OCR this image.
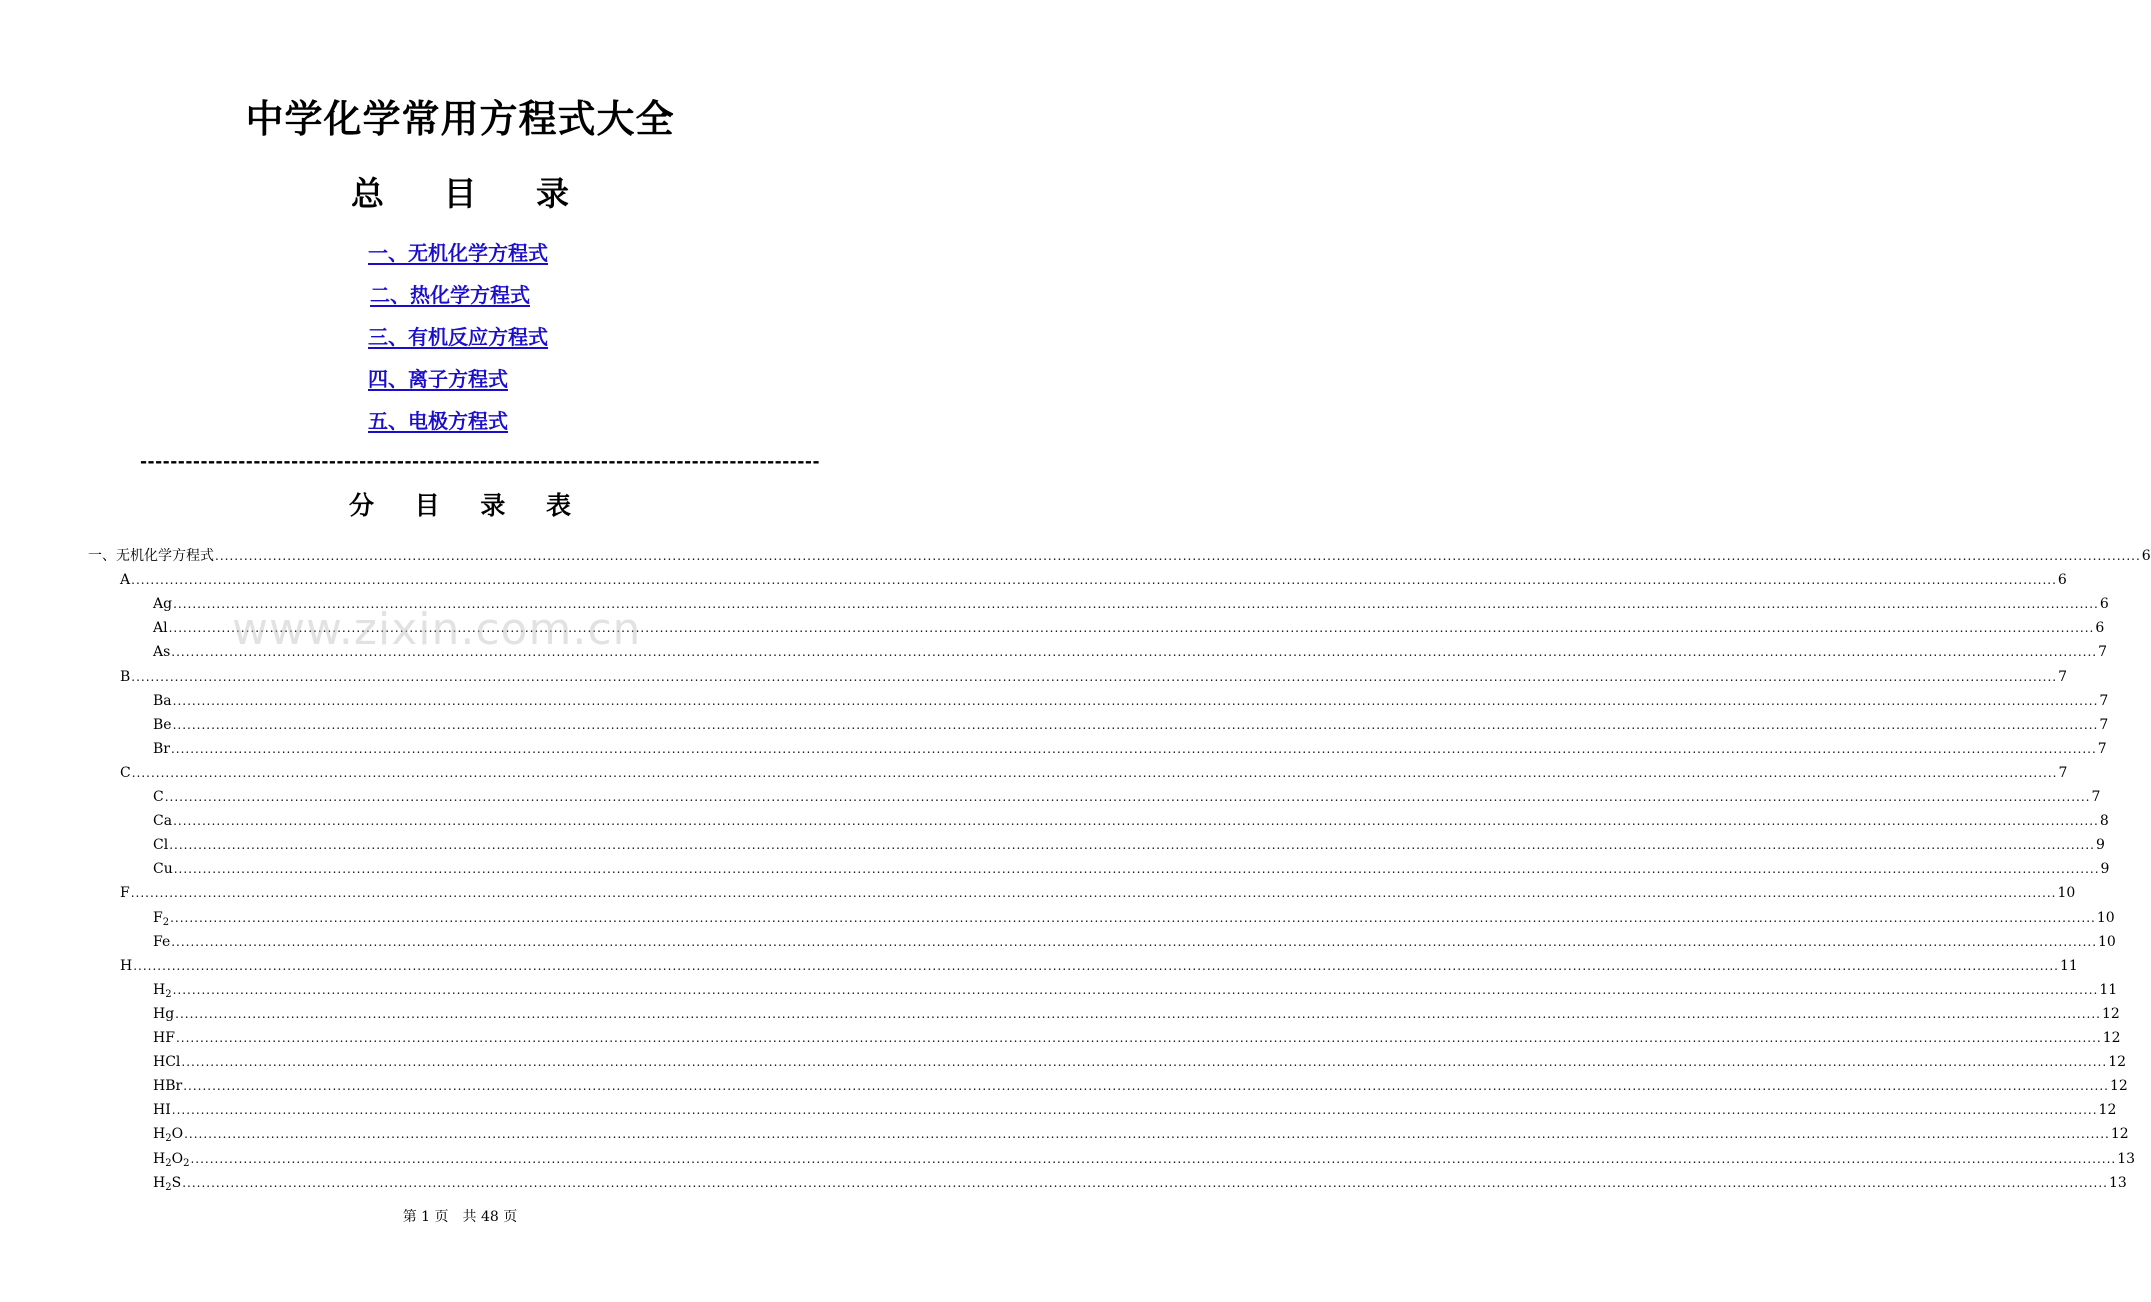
中学化学常用方程式大全
总 目 录
一、无机化学方程式
二、热化学方程式
三、有机反应方程式
四、离子方程式
五、电极方程式
------------------------------------------------------------------------------------------
分 目 录 表
一、无机化学方程式 ................................................................................................................................................................................................................................................................................................................................................................................................................ 6
A ................................................................................................................................................................................................................................................................................................................................................................................................................ 6
Ag ................................................................................................................................................................................................................................................................................................................................................................................................................ 6
Al ................................................................................................................................................................................................................................................................................................................................................................................................................ 6
As ................................................................................................................................................................................................................................................................................................................................................................................................................ 7
B ................................................................................................................................................................................................................................................................................................................................................................................................................ 7
Ba ................................................................................................................................................................................................................................................................................................................................................................................................................ 7
Be ................................................................................................................................................................................................................................................................................................................................................................................................................ 7
Br ................................................................................................................................................................................................................................................................................................................................................................................................................ 7
C ................................................................................................................................................................................................................................................................................................................................................................................................................ 7
C ................................................................................................................................................................................................................................................................................................................................................................................................................ 7
Ca ................................................................................................................................................................................................................................................................................................................................................................................................................ 8
Cl ................................................................................................................................................................................................................................................................................................................................................................................................................ 9
Cu ................................................................................................................................................................................................................................................................................................................................................................................................................ 9
F ................................................................................................................................................................................................................................................................................................................................................................................................................ 10
$F_2$ ................................................................................................................................................................................................................................................................................................................................................................................................................ 10
Fe ................................................................................................................................................................................................................................................................................................................................................................................................................ 10
H ................................................................................................................................................................................................................................................................................................................................................................................................................ 11
$H_2$ ................................................................................................................................................................................................................................................................................................................................................................................................................ 11
Hg ................................................................................................................................................................................................................................................................................................................................................................................................................ 12
HF ................................................................................................................................................................................................................................................................................................................................................................................................................ 12
HCl ................................................................................................................................................................................................................................................................................................................................................................................................................ 12
HBr ................................................................................................................................................................................................................................................................................................................................................................................................................ 12
HI ................................................................................................................................................................................................................................................................................................................................................................................................................ 12
$H_2O$ ................................................................................................................................................................................................................................................................................................................................................................................................................ 12
$H_2O_2$ ................................................................................................................................................................................................................................................................................................................................................................................................................ 13
$H_2S$ ................................................................................................................................................................................................................................................................................................................................................................................................................ 13
www.zixin.com.cn
第 1 页　共 48 页
